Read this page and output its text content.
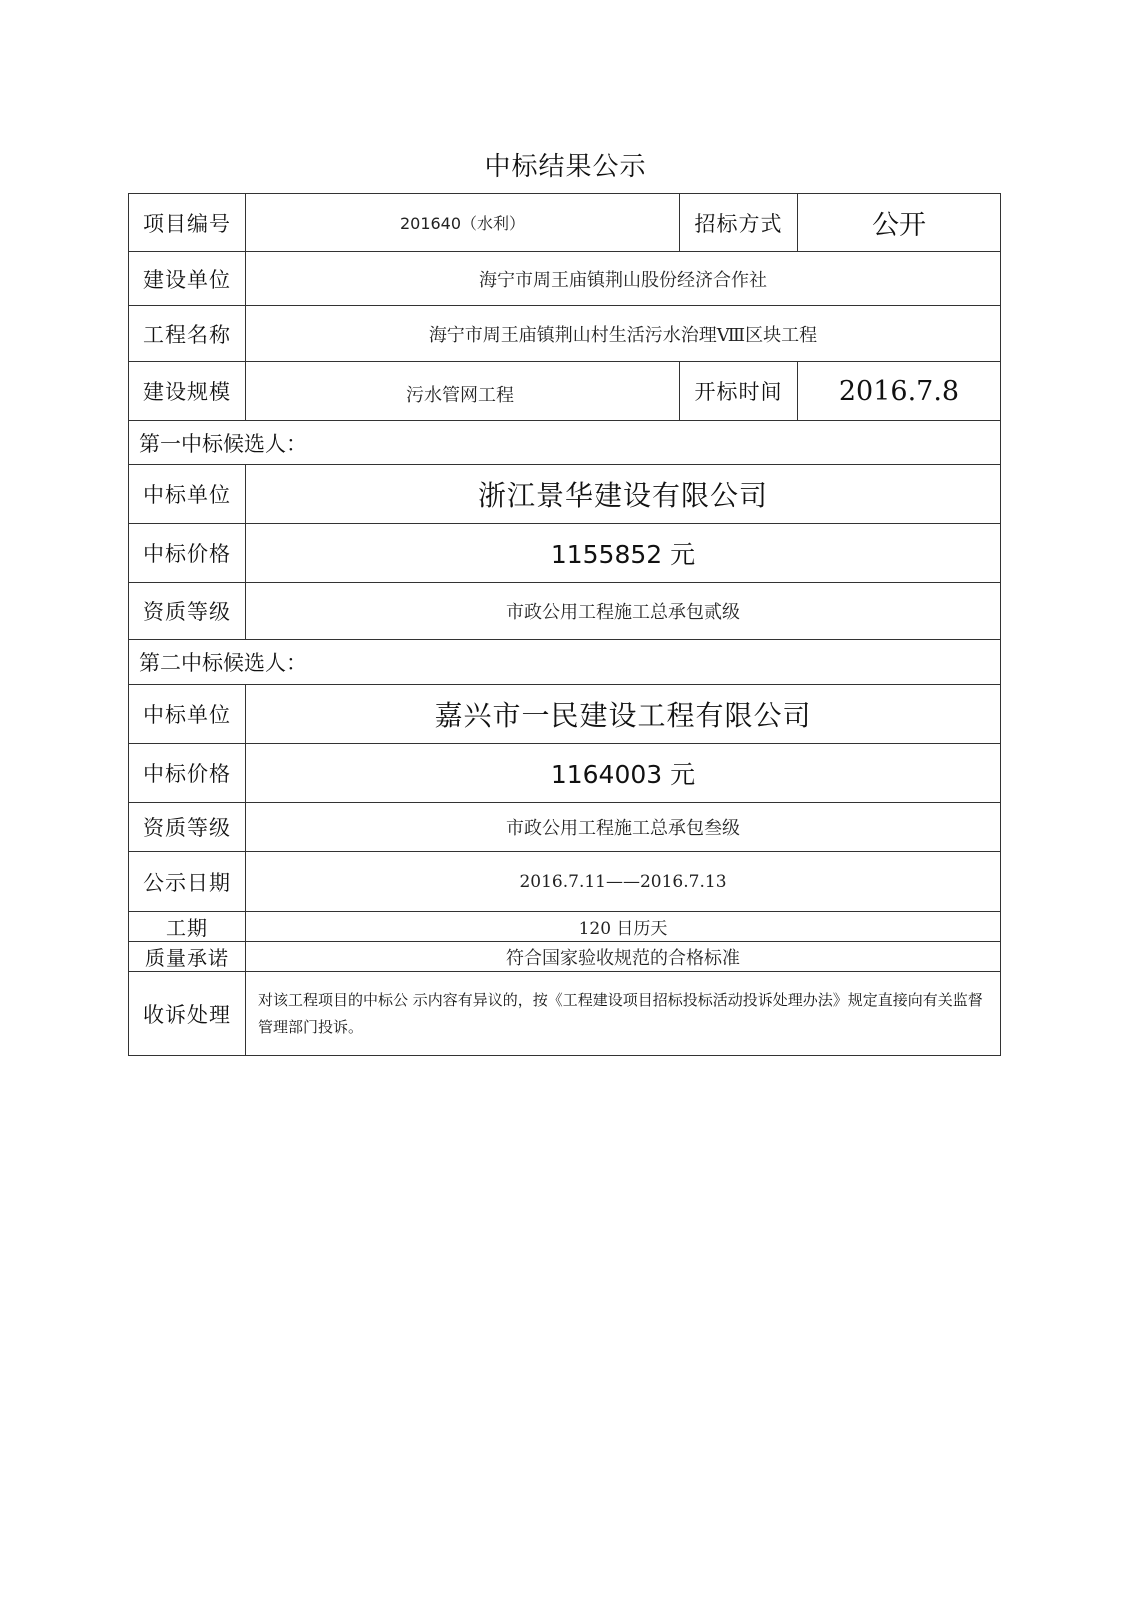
中标结果公示
项目编号	201640（水利）	招标方式	公开
建设单位	海宁市周王庙镇荆山股份经济合作社		
工程名称	海宁市周王庙镇荆山村生活污水治理Ⅷ区块工程		
建设规模	污水管网工程	开标时间	2016.7.8
第一中标候选人：			
中标单位	浙江景华建设有限公司		
中标价格	1155852 元		
资质等级	市政公用工程施工总承包贰级		
第二中标候选人：			
中标单位	嘉兴市一民建设工程有限公司		
中标价格	1164003 元		
资质等级	市政公用工程施工总承包叁级		
公示日期	2016.7.11——2016.7.13		
工期	120 日历天		
质量承诺	符合国家验收规范的合格标准		
收诉处理	对该工程项目的中标公 示内容有异议的，按《工程建设项目招标投标活动投诉处理办法》规定直接向有关监督管理部门投诉。		
